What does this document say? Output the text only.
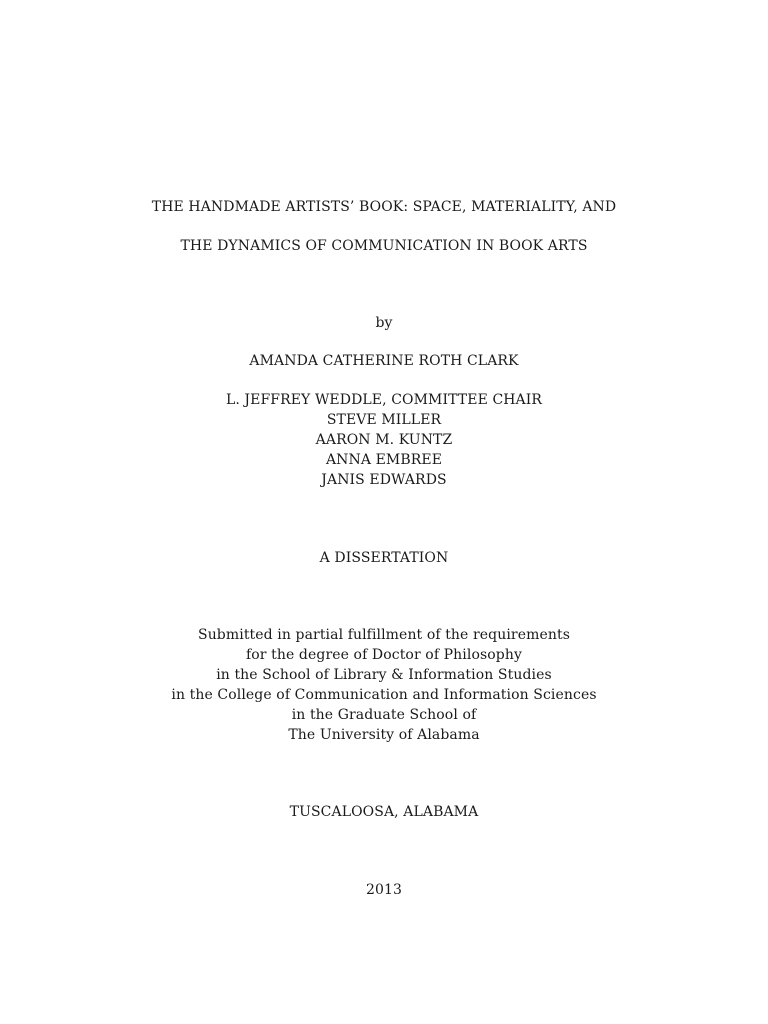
THE HANDMADE ARTISTS’ BOOK: SPACE, MATERIALITY, AND
THE DYNAMICS OF COMMUNICATION IN BOOK ARTS
by
AMANDA CATHERINE ROTH CLARK
L. JEFFREY WEDDLE, COMMITTEE CHAIR
STEVE MILLER
AARON M. KUNTZ
ANNA EMBREE
JANIS EDWARDS
A DISSERTATION
Submitted in partial fulfillment of the requirements
for the degree of Doctor of Philosophy
in the School of Library & Information Studies
in the College of Communication and Information Sciences
in the Graduate School of
The University of Alabama
TUSCALOOSA, ALABAMA
2013
